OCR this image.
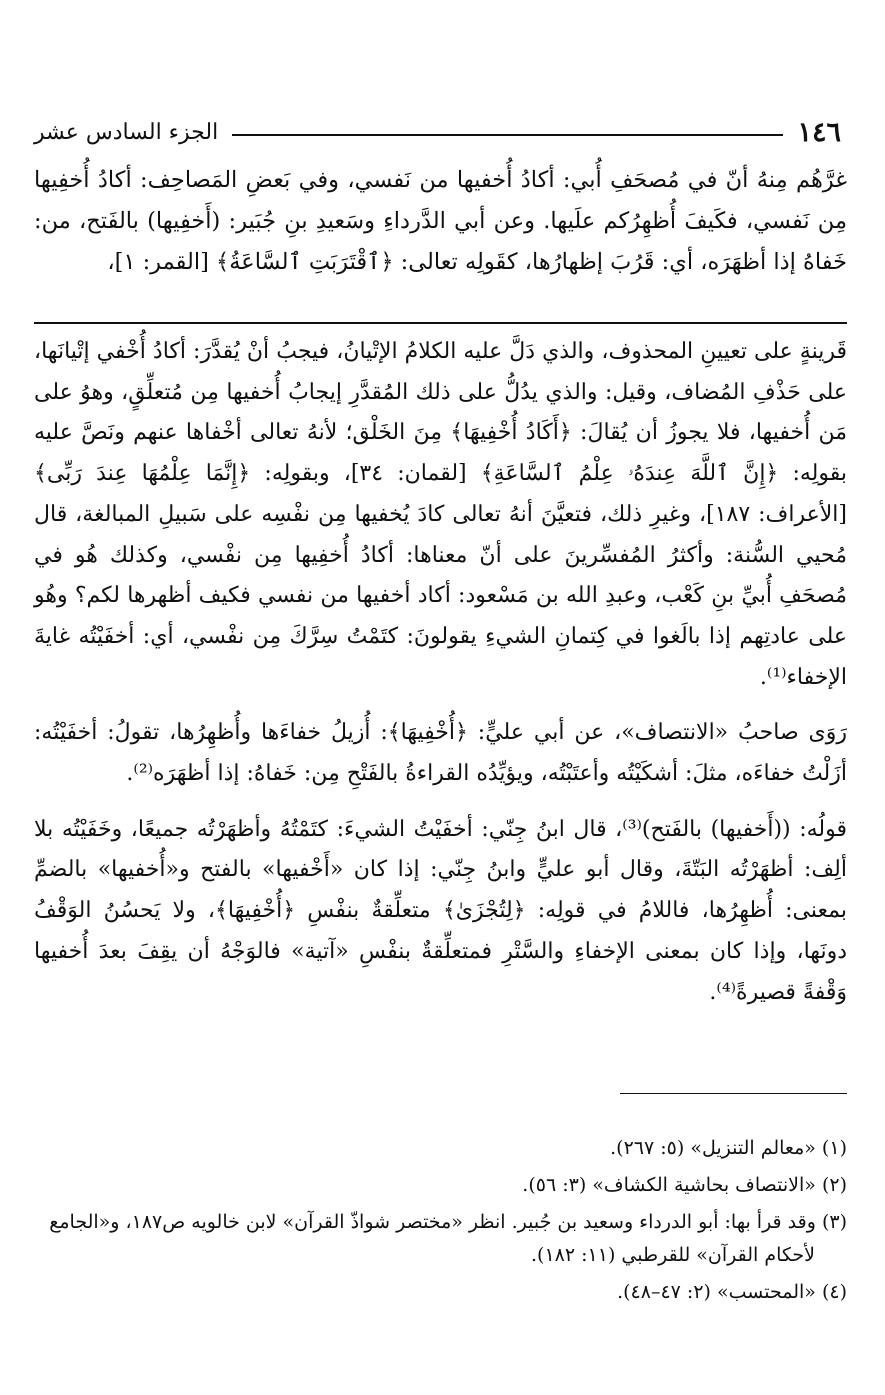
١٤٦
الجزء السادس عشر

غرَّهُم مِنهُ أنّ في مُصحَفِ أُبي: أكادُ أُخفيها من نَفسي، وفي بَعضِ المَصاحِف: أكادُ أُخفِيها مِن نَفسي، فكَيفَ أُظهِرُكم علَيها. وعن أبي الدَّرداءِ وسَعيدِ بنِ جُبَير: (أَخفِيها) بالفَتح، من: خَفاهُ إذا أظهَرَه، أي: قَرُبَ إظهارُها، كقَولِه تعالى: ﴿ٱقْتَرَبَتِ ٱلسَّاعَةُ﴾ [القمر: ١]،

قَرينةٍ على تعيينِ المحذوف، والذي دَلَّ عليه الكلامُ الإتْيانُ، فيجبُ أنْ يُقدَّرَ: أكادُ أُخْفي إتْيانَها، على حَذْفِ المُضاف، وقيل: والذي يدُلُّ على ذلك المُقدَّرِ إيجابُ أُخفيها مِن مُتعلِّقٍ، وهوُ على مَن أُخفيها، فلا يجوزُ أن يُقالَ: ﴿أَكَادُ أُخْفِيهَا﴾ مِنَ الخَلْق؛ لأنهُ تعالى أخْفاها عنهم ونَصَّ عليه بقولِه: ﴿إِنَّ ٱللَّهَ عِندَهُۥ عِلْمُ ٱلسَّاعَةِ﴾ [لقمان: ٣٤]، وبقولِه: ﴿إِنَّمَا عِلْمُهَا عِندَ رَبِّى﴾ [الأعراف: ١٨٧]، وغيرِ ذلك، فتعيَّنَ أنهُ تعالى كادَ يُخفيها مِن نفْسِه على سَبيلِ المبالغة، قال مُحيي السُّنة: وأكثرُ المُفسِّرينَ على أنّ معناها: أكادُ أُخفِيها مِن نفْسي، وكذلك هُو في مُصحَفِ أُبيِّ بنِ كَعْب، وعبدِ الله بن مَسْعود: أكاد أخفيها من نفسي فكيف أظهرها لكم؟ وهُو على عادتِهم إذا بالَغوا في كِتمانِ الشيءِ يقولونَ: كتَمْتُ سِرَّكَ مِن نفْسي، أي: أخفَيْتُه غايةَ الإخفاء⁽¹⁾.

رَوَى صاحبُ «الانتصاف»، عن أبي عليٍّ: ﴿أُخْفِيهَا﴾: أُزيلُ خفاءَها وأُظهِرُها، تقولُ: أخفَيْتُه: أزَلْتُ خفاءَه، مثلَ: أشكَيْتُه وأعتَبْتُه، ويؤيِّدُه القراءةُ بالفَتْحِ مِن: خَفاهُ: إذا أظهَرَه⁽²⁾.

قولُه: ((أَخفيها) بالفَتح)⁽³⁾، قال ابنُ جِنّي: أخفَيْتُ الشيءَ: كتَمْتُهُ وأظهَرْتُه جميعًا، وخَفَيْتُه بلا ألِف: أظهَرْتُه البَتّةَ، وقال أبو عليٍّ وابنُ جِنّي: إذا كان «أَخْفيها» بالفتح و«أُخفيها» بالضمِّ بمعنى: أُظهِرُها، فاللامُ في قولِه: ﴿لِتُجْزَىٰ﴾ متعلِّقةٌ بنفْسِ ﴿أُخْفِيهَا﴾، ولا يَحسُنُ الوَقْفُ دونَها، وإذا كان بمعنى الإخفاءِ والسَّتْرِ فمتعلِّقةٌ بنفْسِ «آتية» فالوَجْهُ أن يقِفَ بعدَ أُخفيها وَقْفةً قصيرةً⁽⁴⁾.

(١) «معالم التنزيل» (٥: ٢٦٧).

(٢) «الانتصاف بحاشية الكشاف» (٣: ٥٦).

(٣) وقد قرأ بها: أبو الدرداء وسعيد بن جُبير. انظر «مختصر شواذّ القرآن» لابن خالويه ص١٨٧، و«الجامع

لأحكام القرآن» للقرطبي (١١: ١٨٢).

(٤) «المحتسب» (٢: ٤٧–٤٨).
